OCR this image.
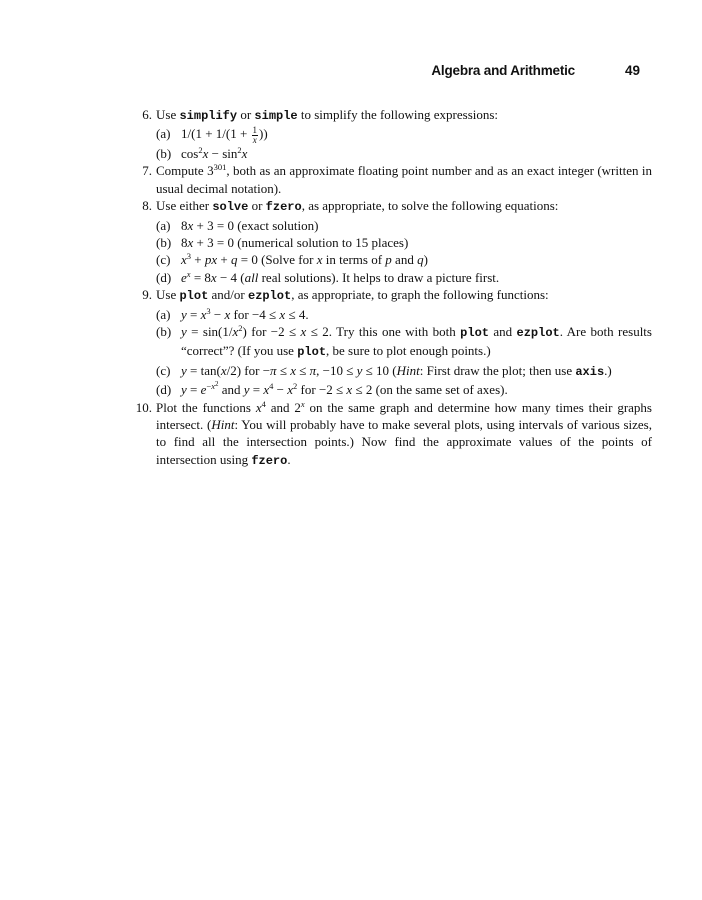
Algebra and Arithmetic	49
6. Use simplify or simple to simplify the following expressions:
(a) $1/(1 + 1/(1 + \frac{1}{x}$ ))
(b) $\cos^2x - \sin^2x$
7. Compute $3^{301}$, both as an approximate floating point number and as an exact integer (written in usual decimal notation).
8. Use either solve or fzero, as appropriate, to solve the following equations:
(a) 8x + 3 = 0 (exact solution)
(b) 8x + 3 = 0 (numerical solution to 15 places)
(c) $x^3$ + px + q = 0 (Solve for x in terms of p and q)
(d) $e^x = 8x - 4$ (all real solutions). It helps to draw a picture first.
9. Use plot and/or ezplot, as appropriate, to graph the following functions:
(a) $y = x^3 - x$ for −4 ≤ x ≤ 4.
(b) $y = \sin(1/x^2)$ for −2 ≤ x ≤ 2. Try this one with both plot and ezplot. Are both results “correct”? (If you use plot, be sure to plot enough points.)
(c) y = tan(x/2) for −π ≤ x ≤ π, −10 ≤ y ≤ 10 (Hint: First draw the plot; then use axis.)
(d) $y = e^{-x^2}$ and $y = x^4 - x^2$ for −2 ≤ x ≤ 2 (on the same set of axes).
10. Plot the functions $x^4$ and 2$^x$ on the same graph and determine how many times their graphs intersect. (Hint: You will probably have to make several plots, using intervals of various sizes, to find all the intersection points.) Now find the approximate values of the points of intersection using fzero.
